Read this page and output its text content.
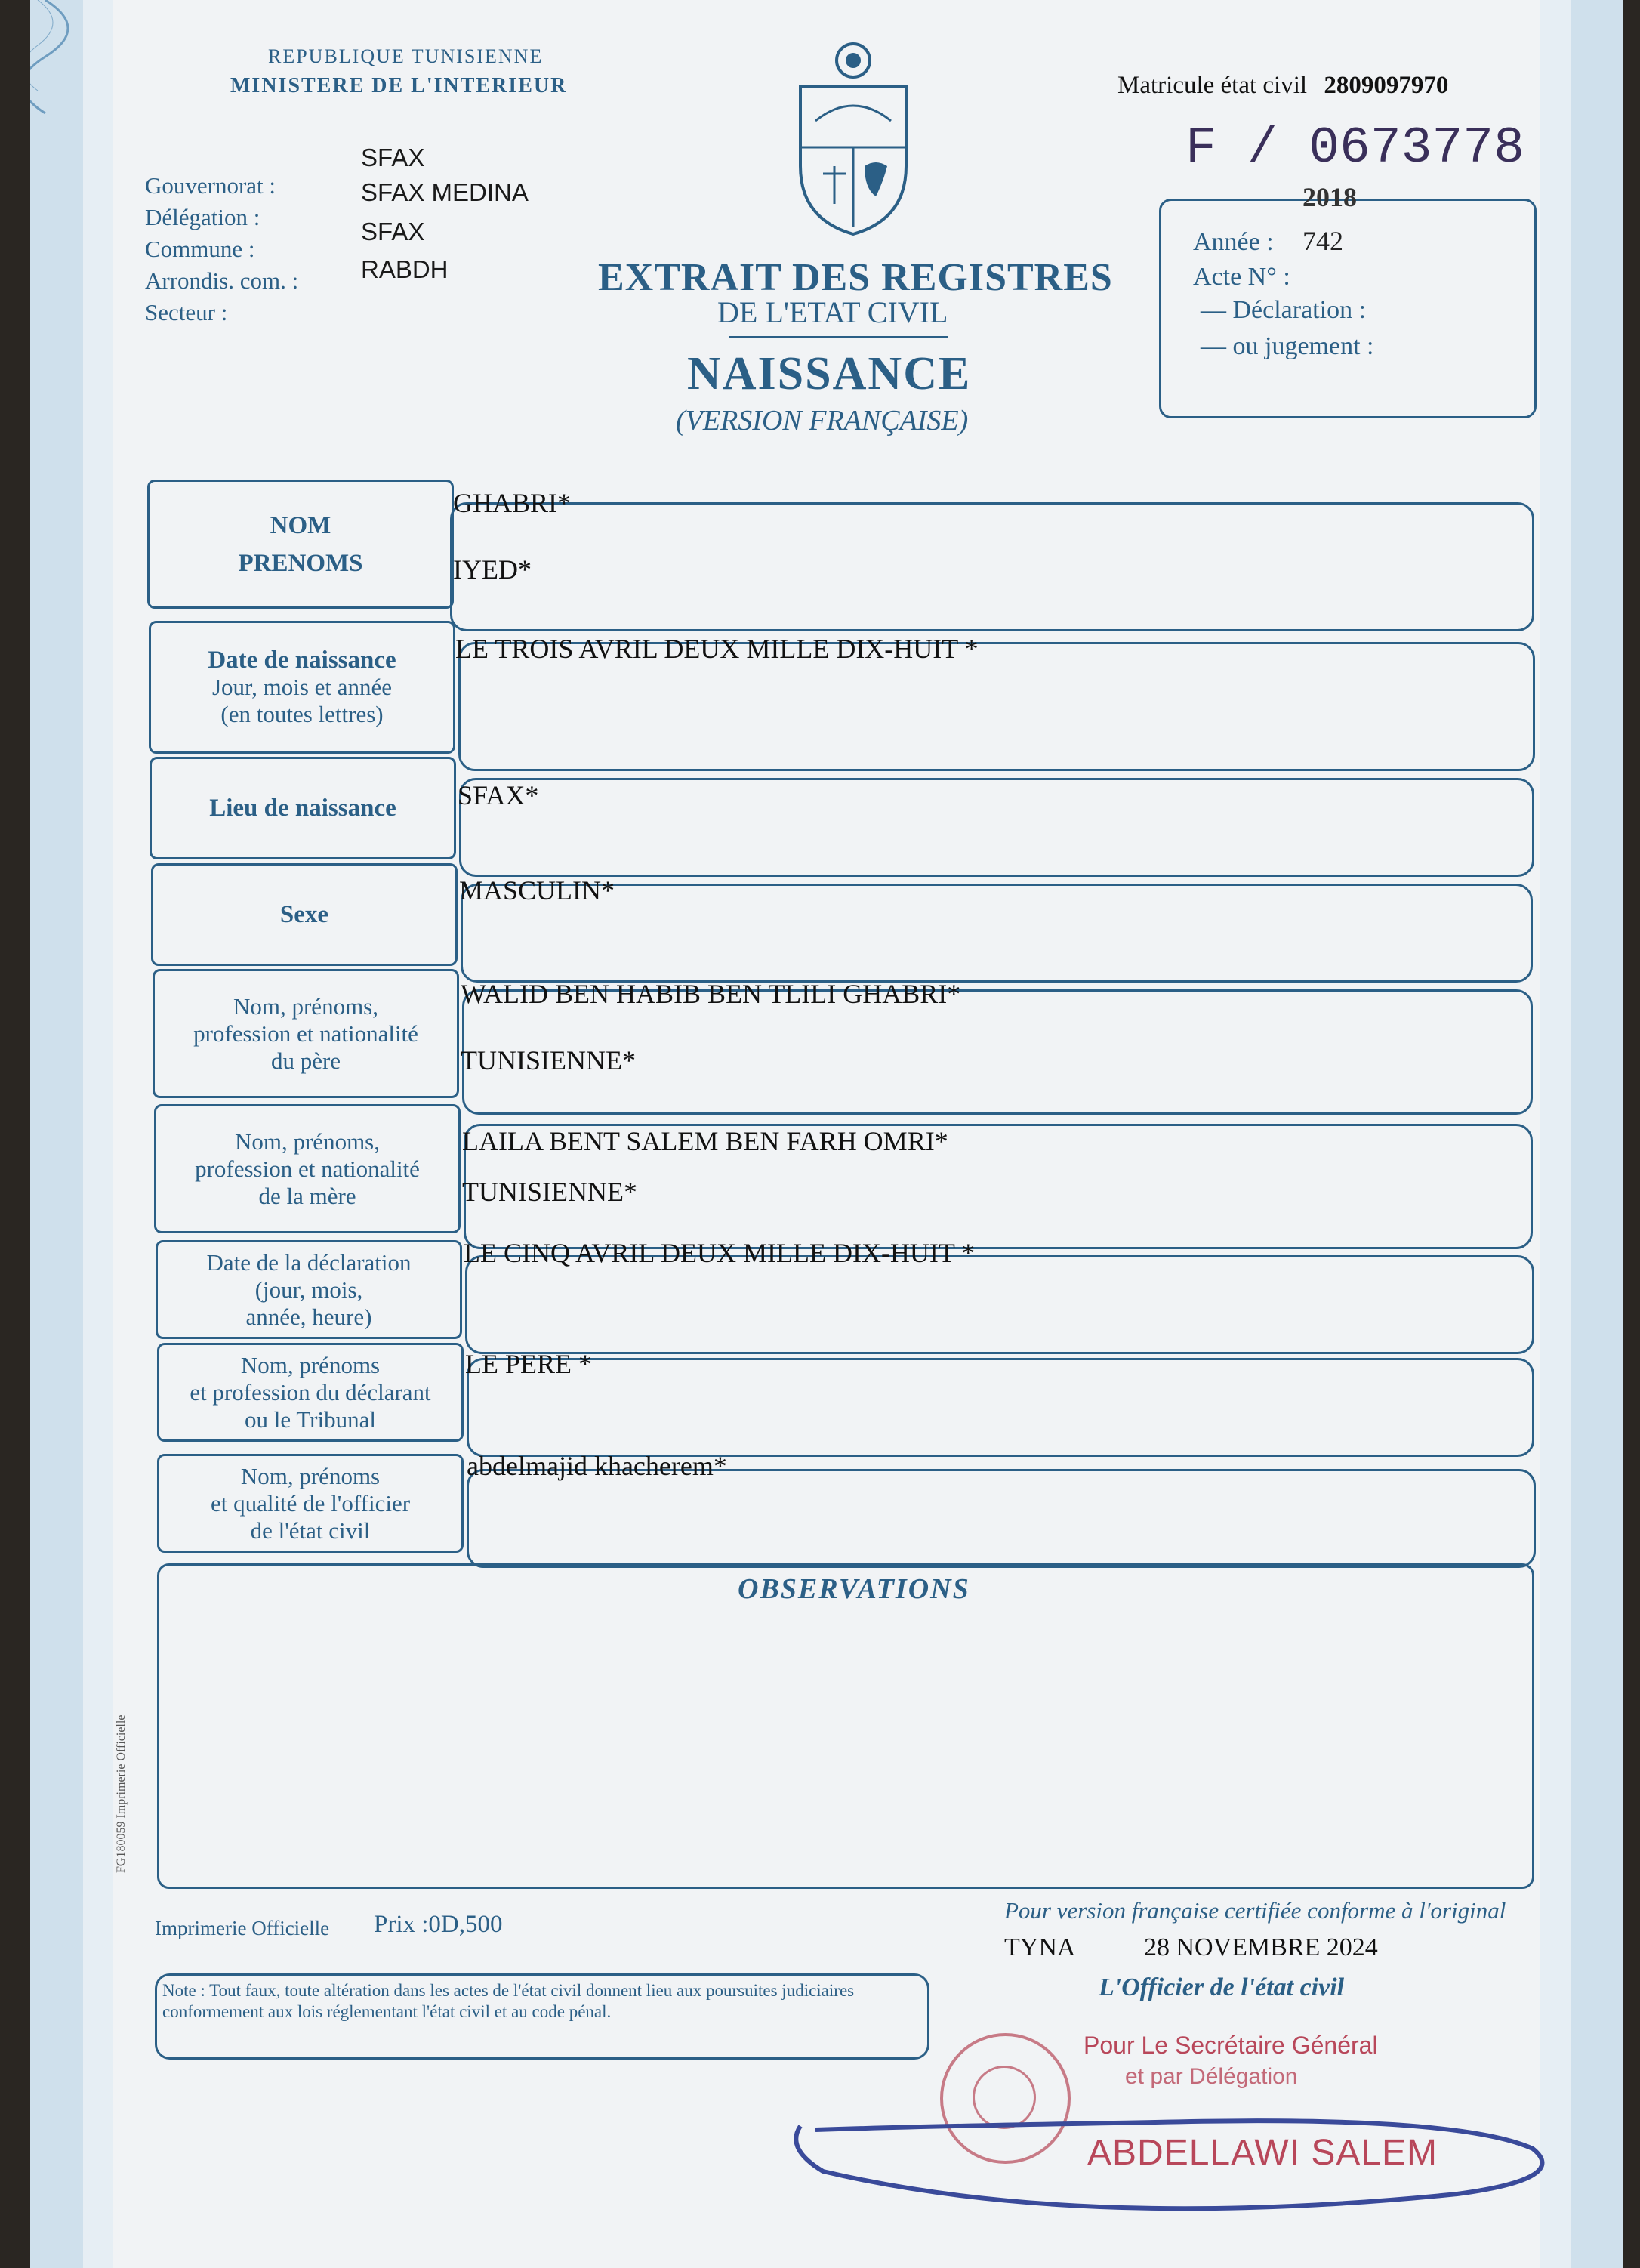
REPUBLIQUE TUNISIENNE
MINISTERE DE L'INTERIEUR
Gouvernorat :
Délégation :
Commune :
Arrondis. com. :
Secteur :
SFAX
SFAX MEDINA
SFAX
RABDH	EXTRAIT DES REGISTRES
DE L'ETAT CIVIL
NAISSANCE
(VERSION FRANÇAISE)
Matricule état civil 2809097970
F / 0673778
2018
Année : 742
Acte N° :
— Déclaration :
— ou jugement :
NOM
PRENOMS
GHABRI*
IYED*
Date de naissance
Jour, mois et année
(en toutes lettres)
LE TROIS AVRIL DEUX MILLE DIX-HUIT *
Lieu de naissance SFAX*
Sexe
MASCULIN*
Nom, prénoms,
profession et nationalité
du père
WALID BEN HABIB BEN TLILI GHABRI*
TUNISIENNE*
Nom, prénoms,
profession et nationalité
de la mère
LAILA BENT SALEM BEN FARH OMRI*
TUNISIENNE*
Date de la déclaration
(jour, mois,
année, heure)
LE CINQ AVRIL DEUX MILLE DIX-HUIT *
Nom, prénoms
et profession du déclarant
ou le Tribunal
LE PERE *
Nom, prénoms
et qualité de l'officier
de l'état civil
abdelmajid khacherem*
OBSERVATIONS
FG180059 Imprimerie Officielle
Imprimerie Officielle Prix :0D,500
Note : Tout faux, toute altération dans les actes de l'état civil donnent lieu aux poursuites judiciaires conformement aux lois réglementant l'état civil et au code pénal.
Pour version française certifiée conforme à l'original
TYNA	28 NOVEMBRE 2024
L'Officier de l'état civil
Pour Le Secrétaire Général
et par Délégation
ABDELLAWI SALEM
